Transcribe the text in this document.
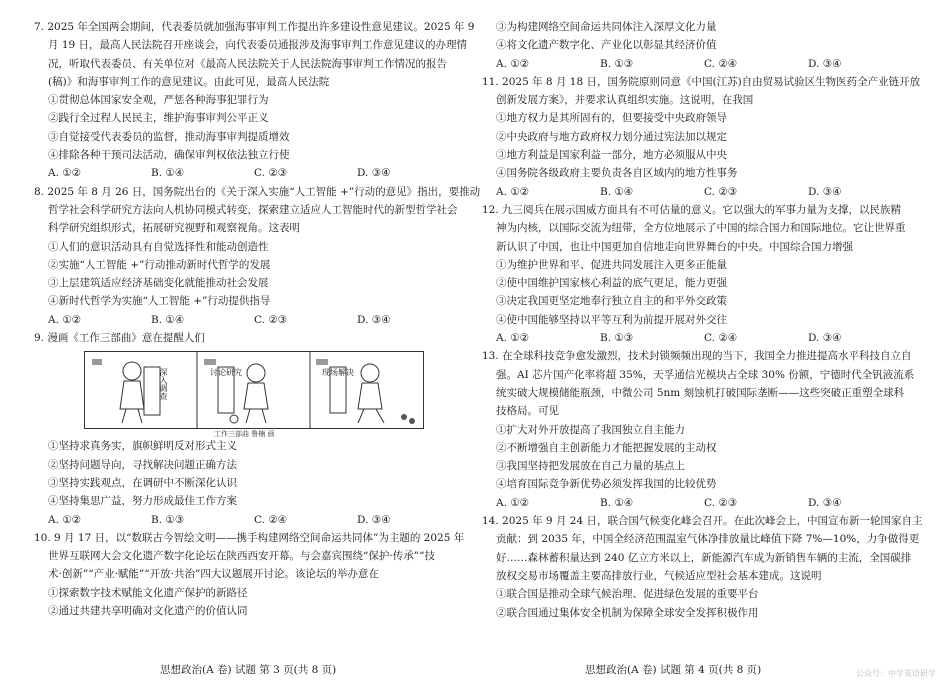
7. 2025 年全国两会期间，代表委员就加强海事审判工作提出许多建设性意见建议。2025 年 9

月 19 日，最高人民法院召开座谈会，向代表委员通报涉及海事审判工作意见建议的办理情

况，听取代表委员、有关单位对《最高人民法院关于人民法院海事审判工作情况的报告

(稿)》和海事审判工作的意见建议。由此可见，最高人民法院

①贯彻总体国家安全观，严惩各种海事犯罪行为

②践行全过程人民民主，维护海事审判公平正义

③自觉接受代表委员的监督，推动海事审判提质增效

④排除各种干预司法活动，确保审判权依法独立行使

A. ①②	B. ①④	C. ②③	D. ③④

8. 2025 年 8 月 26 日，国务院出台的《关于深入实施“人工智能 +”行动的意见》指出，要推动

哲学社会科学研究方法向人机协同模式转变，探索建立适应人工智能时代的新型哲学社会

科学研究组织形式，拓展研究视野和观察视角。这表明

①人们的意识活动具有自觉选择性和能动创造性

②实施“人工智能 +”行动推动新时代哲学的发展

③上层建筑适应经济基础变化就能推动社会发展

④新时代哲学为实施“人工智能 +”行动提供指导

A. ①②	B. ①④	C. ②③	D. ③④

9. 漫画《工作三部曲》意在提醒人们

深入调查	讨论研究	现场解决
工作三部曲 鲁楠 画

①坚持求真务实，旗帜鲜明反对形式主义

②坚持问题导向，寻找解决问题正确方法

③坚持实践观点，在调研中不断深化认识

④坚持集思广益，努力形成最佳工作方案

A. ①②	B. ①③	C. ②④	D. ③④

10. 9 月 17 日，以“数联古今智绘文明——携手构建网络空间命运共同体”为主题的 2025 年

世界互联网大会文化遗产数字化论坛在陕西西安开幕。与会嘉宾围绕“保护·传承”“技

术·创新”“产业·赋能”“开放·共治”四大议题展开讨论。该论坛的举办意在

①探索数字技术赋能文化遗产保护的新路径

②通过共建共享明确对文化遗产的价值认同

③为构建网络空间命运共同体注入深厚文化力量

④将文化遗产数字化、产业化以彰显其经济价值

A. ①②	B. ①③	C. ②④	D. ③④

11. 2025 年 8 月 18 日，国务院原则同意《中国(江苏)自由贸易试验区生物医药全产业链开放

创新发展方案》，并要求认真组织实施。这说明，在我国

①地方权力是其所固有的，但要接受中央政府领导

②中央政府与地方政府权力划分通过宪法加以规定

③地方利益是国家利益一部分，地方必须服从中央

④国务院各级政府主要负责各自区域内的地方性事务

A. ①②	B. ①④	C. ②③	D. ③④

12. 九三阅兵在展示国威方面具有不可估量的意义。它以强大的军事力量为支撑，以民族精

神为内核，以国际交流为纽带，全方位地展示了中国的综合国力和国际地位。它让世界重

新认识了中国，也让中国更加自信地走向世界舞台的中央。中国综合国力增强

①为维护世界和平、促进共同发展注入更多正能量

②使中国维护国家核心利益的底气更足，能力更强

③决定我国更坚定地奉行独立自主的和平外交政策

④使中国能够坚持以平等互利为前提开展对外交往

A. ①②	B. ①③	C. ②④	D. ③④

13. 在全球科技竞争愈发激烈，技术封锁频频出现的当下，我国全力推进提高水平科技自立自

强。AI 芯片国产化率将超 35%，天孚通信光模块占全球 30% 份额，宁德时代全钒液流系

统实破大规模储能瓶颈，中微公司 5nm 刻蚀机打破国际垄断——这些突破正重塑全球科

技格局。可见

①扩大对外开放提高了我国独立自主能力

②不断增强自主创新能力才能把握发展的主动权

③我国坚持把发展放在自己力量的基点上

④培育国际竞争新优势必须发挥我国的比较优势

A. ①②	B. ①④	C. ②③	D. ③④

14. 2025 年 9 月 24 日，联合国气候变化峰会召开。在此次峰会上，中国宣布新一轮国家自主

贡献：到 2035 年，中国全经济范围温室气体净排放量比峰值下降 7%—10%，力争做得更

好……森林蓄积量达到 240 亿立方米以上，新能源汽车成为新销售车辆的主流，全国碳排

放权交易市场覆盖主要高排放行业，气候适应型社会基本建成。这说明

①联合国是推动全球气候治理、促进绿色发展的重要平台

②联合国通过集体安全机制为保障全球安全发挥积极作用

思想政治(A 卷) 试题 第 3 页(共 8 页)	思想政治(A 卷) 试题 第 4 页(共 8 页)	公众号：中学英语研学
